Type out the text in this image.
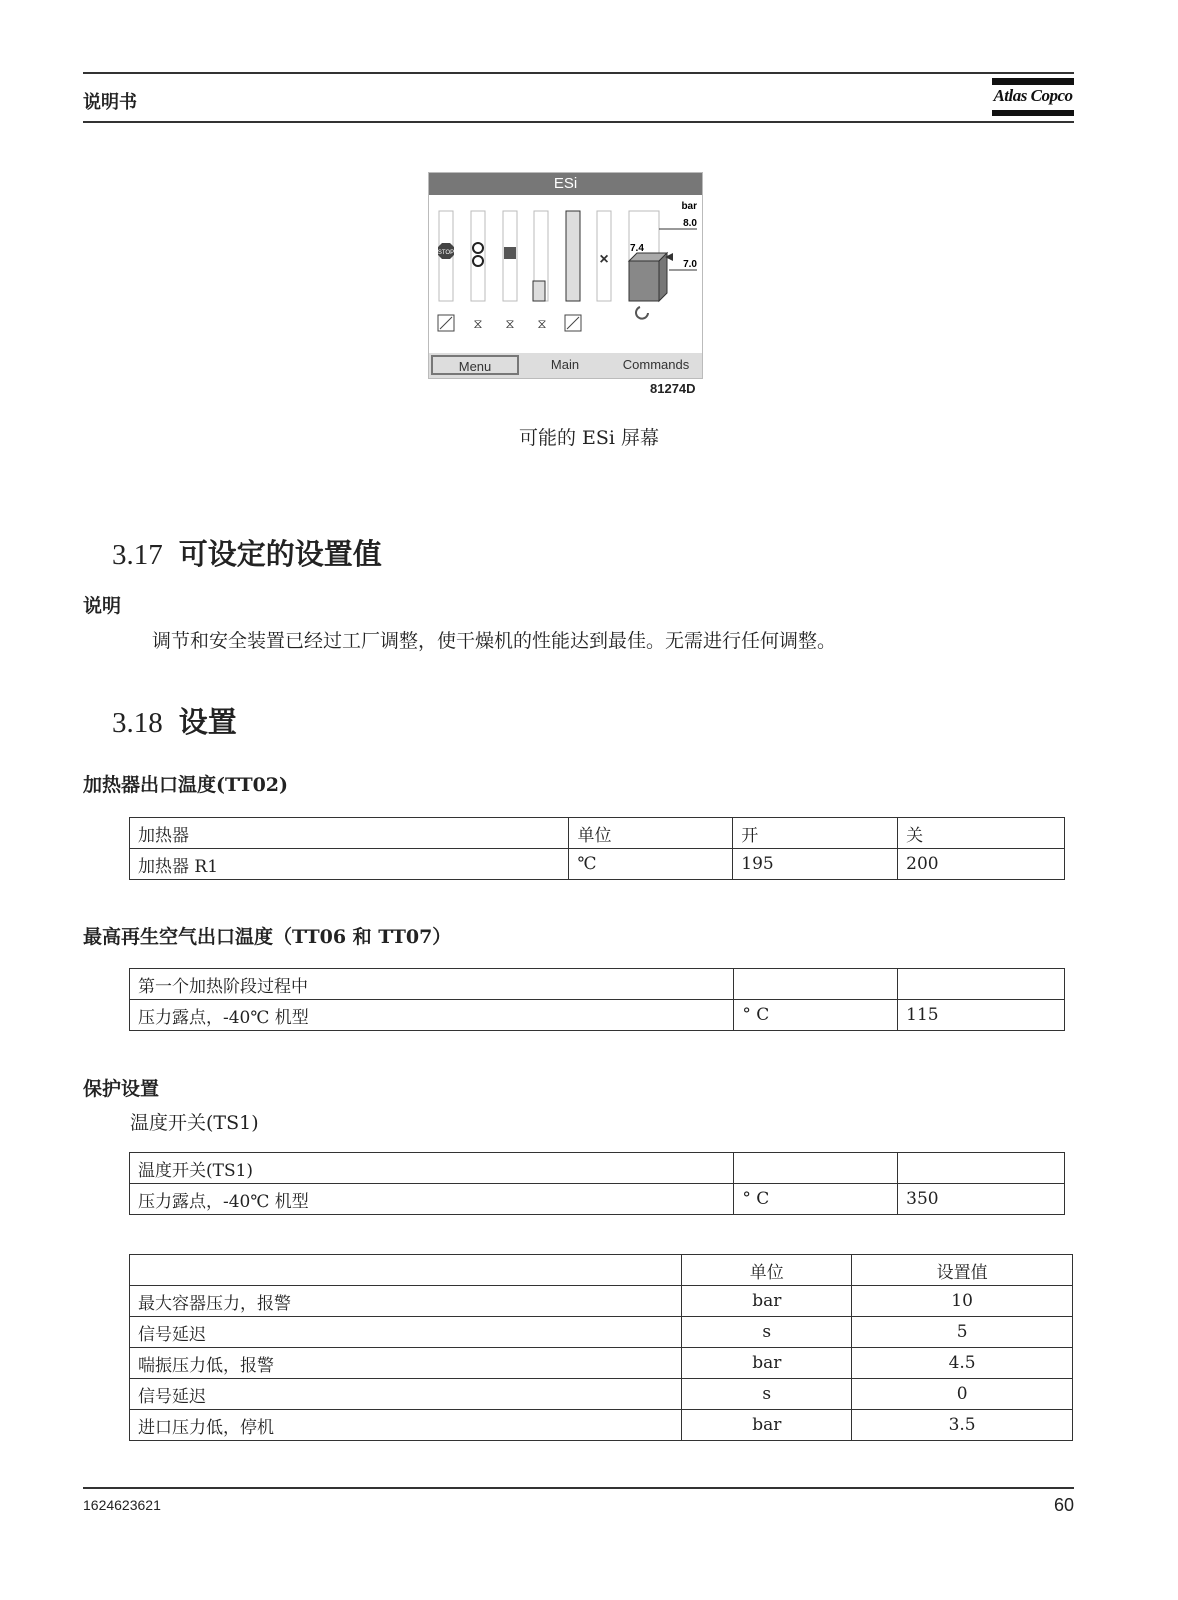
说明书	Atlas Copco
ESi
STOP	×
bar
8.0
7.4
7.0
⧖ ⧖ ⧖
Menu	Main	Commands
81274D
可能的 ESi 屏幕
3.17 可设定的设置值
说明
调节和安全装置已经过工厂调整，使干燥机的性能达到最佳。无需进行任何调整。
3.18 设置
加热器出口温度(TT02)
加热器	单位	开	关
加热器 R1	℃	195	200
最高再生空气出口温度（TT06 和 TT07）
第一个加热阶段过程中		
压力露点，-40℃ 机型	° C	115
保护设置
温度开关(TS1)
温度开关(TS1)		
压力露点，-40℃ 机型	° C	350
	单位	设置值
最大容器压力，报警	bar	10
信号延迟	s	5
喘振压力低，报警	bar	4.5
信号延迟	s	0
进口压力低，停机	bar	3.5
1624623621	60
